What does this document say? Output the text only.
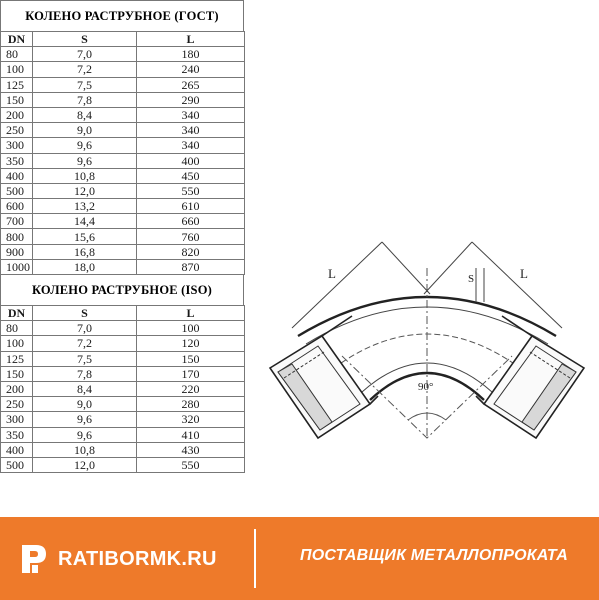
КОЛЕНО РАСТРУБНОЕ (ГОСТ)
DN	S	L
80	7,0	180
100	7,2	240
125	7,5	265
150	7,8	290
200	8,4	340
250	9,0	340
300	9,6	340
350	9,6	400
400	10,8	450
500	12,0	550
600	13,2	610
700	14,4	660
800	15,6	760
900	16,8	820
1000	18,0	870
КОЛЕНО РАСТРУБНОЕ (ISO)
DN	S	L
80	7,0	100
100	7,2	120
125	7,5	150
150	7,8	170
200	8,4	220
250	9,0	280
300	9,6	320
350	9,6	410
400	10,8	430
500	12,0	550
L	L
S
90°
RATIBORMK.RU	ПОСТАВЩИК МЕТАЛЛОПРОКАТА
